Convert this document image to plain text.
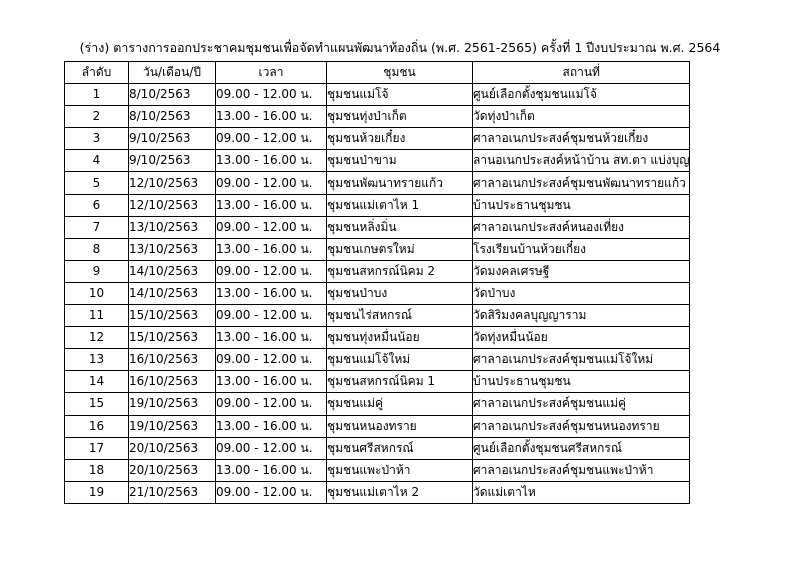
(ร่าง) ตารางการออกประชาคมชุมชนเพื่อจัดทำแผนพัฒนาท้องถิ่น (พ.ศ. 2561-2565) ครั้งที่ 1 ปีงบประมาณ พ.ศ. 2564
ลำดับ	วัน/เดือน/ปี	เวลา	ชุมชน	สถานที่
1	8/10/2563	09.00 - 12.00 น.	ชุมชนแม่โจ้	ศูนย์เลือกตั้งชุมชนแม่โจ้
2	8/10/2563	13.00 - 16.00 น.	ชุมชนทุ่งป่าเก็ต	วัดทุ่งป่าเก็ต
3	9/10/2563	09.00 - 12.00 น.	ชุมชนห้วยเกี๋ยง	ศาลาอเนกประสงค์ชุมชนห้วยเกี๋ยง
4	9/10/2563	13.00 - 16.00 น.	ชุมชนป่าขาม	ลานอเนกประสงค์หน้าบ้าน สท.ตา แบ่งบุญ
5	12/10/2563	09.00 - 12.00 น.	ชุมชนพัฒนาทรายแก้ว	ศาลาอเนกประสงค์ชุมชนพัฒนาทรายแก้ว
6	12/10/2563	13.00 - 16.00 น.	ชุมชนแม่เตาไห 1	บ้านประธานชุมชน
7	13/10/2563	09.00 - 12.00 น.	ชุมชนหลิ่งมิ่น	ศาลาอเนกประสงค์หนองเที่ยง
8	13/10/2563	13.00 - 16.00 น.	ชุมชนเกษตรใหม่	โรงเรียนบ้านห้วยเกี๋ยง
9	14/10/2563	09.00 - 12.00 น.	ชุมชนสหกรณ์นิคม 2	วัดมงคลเศรษฐี
10	14/10/2563	13.00 - 16.00 น.	ชุมชนป่าบง	วัดป่าบง
11	15/10/2563	09.00 - 12.00 น.	ชุมชนไร่สหกรณ์	วัดสิริมงคลบุญญาราม
12	15/10/2563	13.00 - 16.00 น.	ชุมชนทุ่งหมื่นน้อย	วัดทุ่งหมื่นน้อย
13	16/10/2563	09.00 - 12.00 น.	ชุมชนแม่โจ้ใหม่	ศาลาอเนกประสงค์ชุมชนแม่โจ้ใหม่
14	16/10/2563	13.00 - 16.00 น.	ชุมชนสหกรณ์นิคม 1	บ้านประธานชุมชน
15	19/10/2563	09.00 - 12.00 น.	ชุมชนแม่คู่	ศาลาอเนกประสงค์ชุมชนแม่คู่
16	19/10/2563	13.00 - 16.00 น.	ชุมชนหนองทราย	ศาลาอเนกประสงค์ชุมชนหนองทราย
17	20/10/2563	09.00 - 12.00 น.	ชุมชนศรีสหกรณ์	ศูนย์เลือกตั้งชุมชนศรีสหกรณ์
18	20/10/2563	13.00 - 16.00 น.	ชุมชนแพะป่าห้า	ศาลาอเนกประสงค์ชุมชนแพะป่าห้า
19	21/10/2563	09.00 - 12.00 น.	ชุมชนแม่เตาไห 2	วัดแม่เตาไห
